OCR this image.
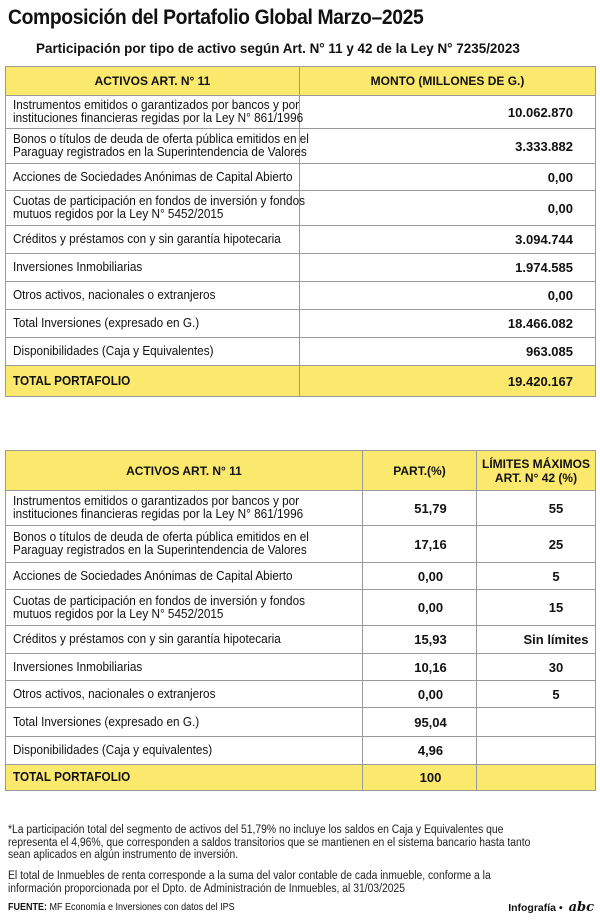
Composición del Portafolio Global Marzo–2025
Participación por tipo de activo según Art. N° 11 y 42 de la Ley N° 7235/2023
ACTIVOS ART. N° 11	MONTO (MILLONES DE G.)

Instrumentos emitidos o garantizados por bancos y por
instituciones financieras regidas por la Ley N° 861/1996	10.062.870

Bonos o títulos de deuda de oferta pública emitidos en el
Paraguay registrados en la Superintendencia de Valores	3.333.882

Acciones de Sociedades Anónimas de Capital Abierto	0,00

Cuotas de participación en fondos de inversión y fondos
mutuos regidos por la Ley N° 5452/2015	0,00

Créditos y préstamos con y sin garantía hipotecaria	3.094.744

Inversiones Inmobiliarias	1.974.585

Otros activos, nacionales o extranjeros	0,00

Total Inversiones (expresado en G.)	18.466.082

Disponibilidades (Caja y Equivalentes)	963.085
TOTAL PORTAFOLIO	19.420.167
ACTIVOS ART. N° 11	PART.(%)	LÍMITES MÁXIMOS
ART. N° 42 (%)

Instrumentos emitidos o garantizados por bancos y por
instituciones financieras regidas por la Ley N° 861/1996	51,79	55

Bonos o títulos de deuda de oferta pública emitidos en el
Paraguay registrados en la Superintendencia de Valores	17,16	25

Acciones de Sociedades Anónimas de Capital Abierto	0,00	5

Cuotas de participación en fondos de inversión y fondos
mutuos regidos por la Ley N° 5452/2015	0,00	15

Créditos y préstamos con y sin garantía hipotecaria	15,93	Sin límites

Inversiones Inmobiliarias	10,16	30

Otros activos, nacionales o extranjeros	0,00	5

Total Inversiones (expresado en G.)	95,04	

Disponibilidades (Caja y equivalentes)	4,96	
TOTAL PORTAFOLIO	100	
*La participación total del segmento de activos del 51,79% no incluye los saldos en Caja y Equivalentes que
representa el 4,96%, que corresponden a saldos transitorios que se mantienen en el sistema bancario hasta tanto
sean aplicados en algún instrumento de inversión.
El total de Inmuebles de renta corresponde a la suma del valor contable de cada inmueble, conforme a la
información proporcionada por el Dpto. de Administración de Inmuebles, al 31/03/2025
FUENTE: MF Economía e Inversiones con datos del IPS	Infografía • abc
